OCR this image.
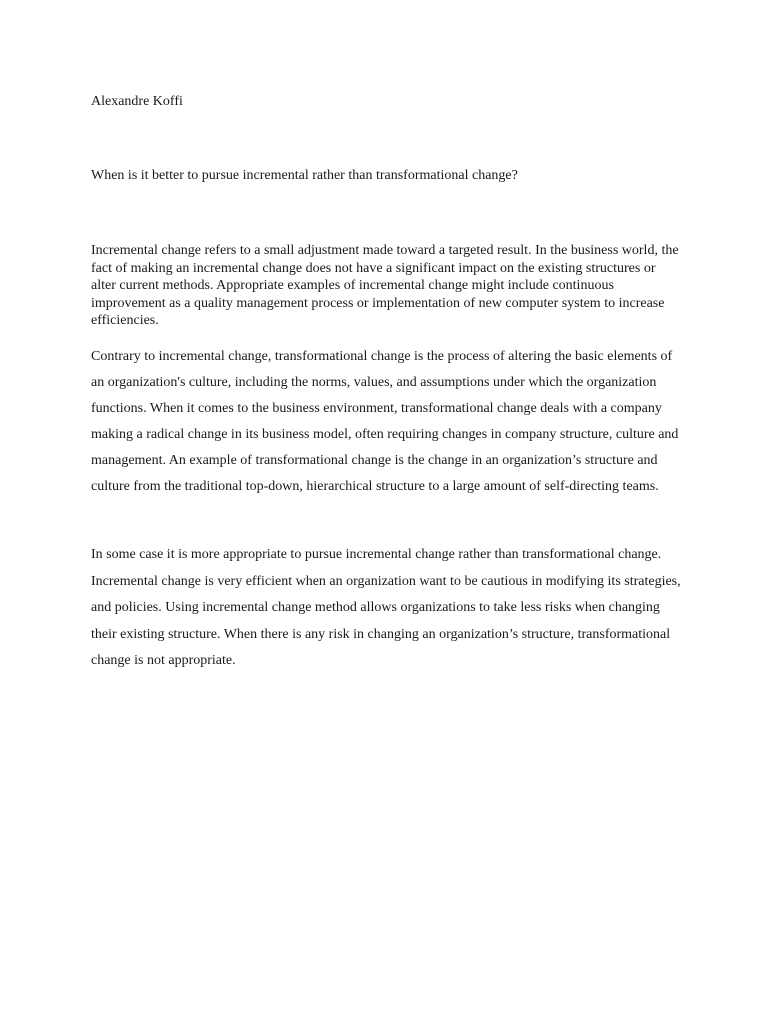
Alexandre Koffi

When is it better to pursue incremental rather than transformational change?

Incremental change refers to a small adjustment made toward a targeted result. In the business world, the fact of making an incremental change does not have a significant impact on the existing structures or alter current methods. Appropriate examples of incremental change might include continuous improvement as a quality management process or implementation of new computer system to increase efficiencies.

Contrary to incremental change, transformational change is the process of altering the basic elements of an organization's culture, including the norms, values, and assumptions under which the organization functions. When it comes to the business environment, transformational change deals with a company making a radical change in its business model, often requiring changes in company structure, culture and management. An example of transformational change is the change in an organization’s structure and culture from the traditional top-down, hierarchical structure to a large amount of self-directing teams.

In some case it is more appropriate to pursue incremental change rather than transformational change. Incremental change is very efficient when an organization want to be cautious in modifying its strategies, and policies. Using incremental change method allows organizations to take less risks when changing their existing structure. When there is any risk in changing an organization’s structure, transformational change is not appropriate.
